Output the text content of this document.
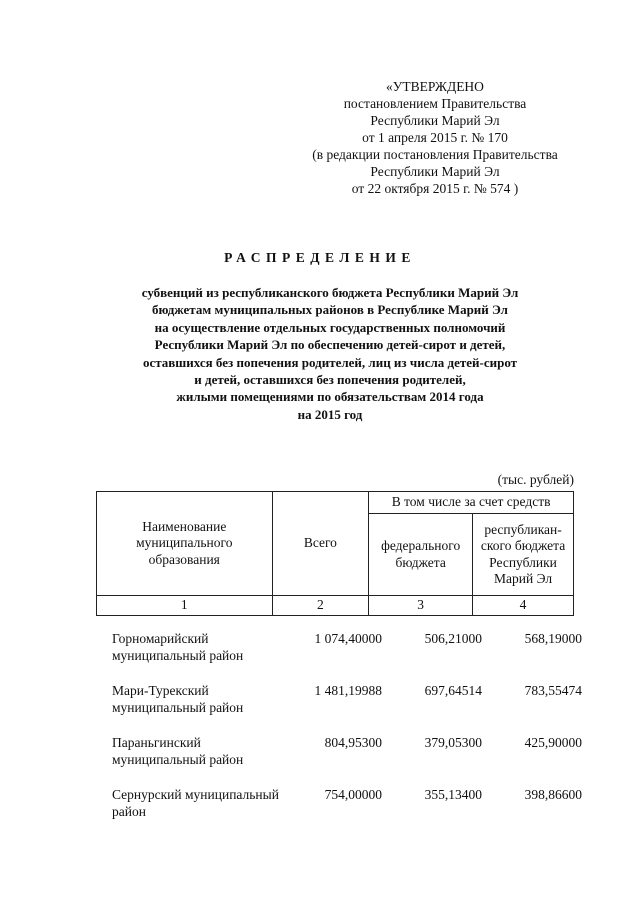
«УТВЕРЖДЕНО
постановлением Правительства
Республики Марий Эл
от 1 апреля 2015 г. № 170
(в редакции постановления Правительства
Республики Марий Эл
от 22 октября 2015 г. № 574 )
РАСПРЕДЕЛЕНИЕ
субвенций из республиканского бюджета Республики Марий Эл
бюджетам муниципальных районов в Республике Марий Эл
на осуществление отдельных государственных полномочий
Республики Марий Эл по обеспечению детей-сирот и детей,
оставшихся без попечения родителей, лиц из числа детей-сирот
и детей, оставшихся без попечения родителей,
жилыми помещениями по обязательствам 2014 года
на 2015 год
(тыс. рублей)
Наименование муниципального образования	Всего	В том числе за счет средств	
		федерального бюджета	республикан-ского бюджета Республики Марий Эл
1	2	3	4
Горномарийский муниципальный район	1 074,40000	506,21000	568,19000

Мари-Турекский муниципальный район	1 481,19988	697,64514	783,55474

Параньгинский муниципальный район	804,95300	379,05300	425,90000

Сернурский муниципальный район	754,00000	355,13400	398,86600
